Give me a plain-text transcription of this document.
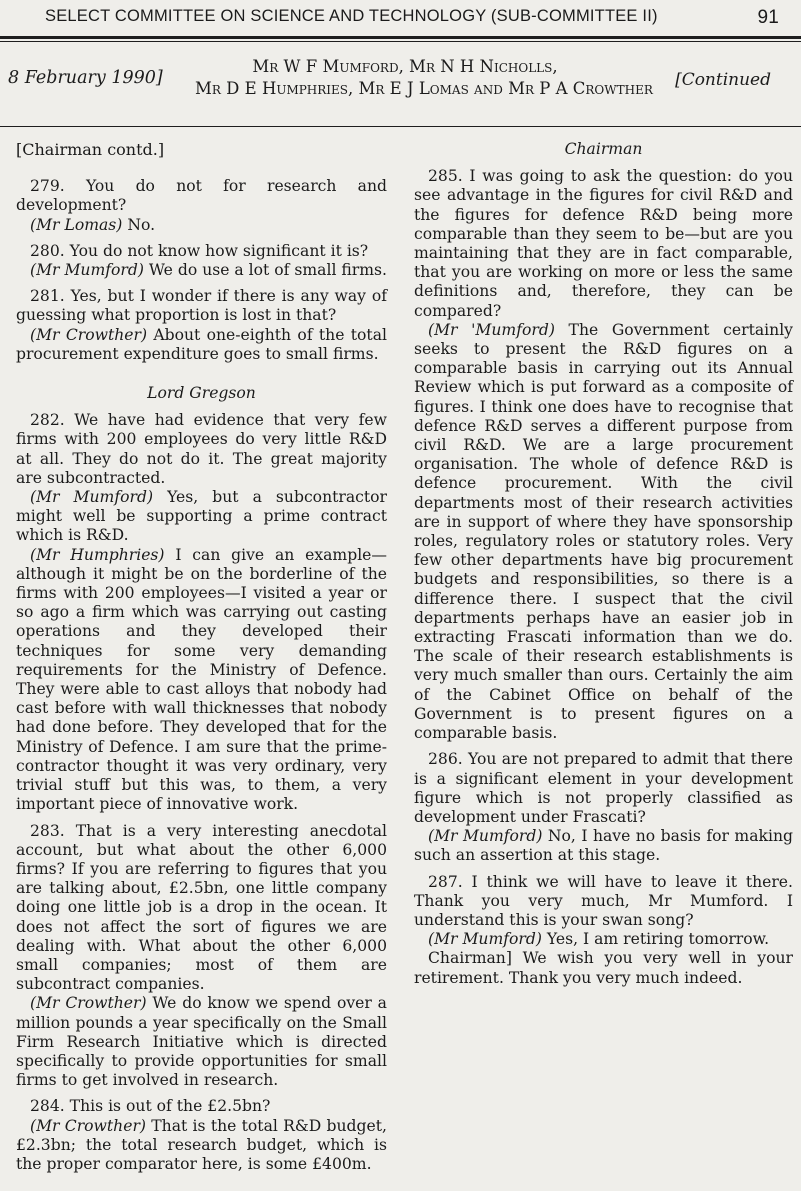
SELECT COMMITTEE ON SCIENCE AND TECHNOLOGY (SUB-COMMITTEE II)	91
8 February 1990]
Mr W F Mumford, Mr N H Nicholls,
Mr D E Humphries, Mr E J Lomas and Mr P A Crowther [Continued
[Chairman contd.]

279. You do not for research and development?

(Mr Lomas) No.

280. You do not know how significant it is?

(Mr Mumford) We do use a lot of small firms.

281. Yes, but I wonder if there is any way of guessing what proportion is lost in that?

(Mr Crowther) About one-eighth of the total procurement expenditure goes to small firms.

Lord Gregson

282. We have had evidence that very few firms with 200 employees do very little R&D at all. They do not do it. The great majority are subcontracted.

(Mr Mumford) Yes, but a subcontractor might well be supporting a prime contract which is R&D.

(Mr Humphries) I can give an example—although it might be on the borderline of the firms with 200 employees—I visited a year or so ago a firm which was carrying out casting operations and they developed their techniques for some very demanding requirements for the Ministry of Defence. They were able to cast alloys that nobody had cast before with wall thicknesses that nobody had done before. They developed that for the Ministry of Defence. I am sure that the prime-contractor thought it was very ordinary, very trivial stuff but this was, to them, a very important piece of innovative work.

283. That is a very interesting anecdotal account, but what about the other 6,000 firms? If you are referring to figures that you are talking about, £2.5bn, one little company doing one little job is a drop in the ocean. It does not affect the sort of figures we are dealing with. What about the other 6,000 small companies; most of them are subcontract companies.

(Mr Crowther) We do know we spend over a million pounds a year specifically on the Small Firm Research Initiative which is directed specifically to provide opportunities for small firms to get involved in research.

284. This is out of the £2.5bn?

(Mr Crowther) That is the total R&D budget, £2.3bn; the total research budget, which is the proper comparator here, is some £400m.

Chairman

285. I was going to ask the question: do you see advantage in the figures for civil R&D and the figures for defence R&D being more comparable than they seem to be—but are you maintaining that they are in fact comparable, that you are working on more or less the same definitions and, therefore, they can be compared?

(Mr 'Mumford) The Government certainly seeks to present the R&D figures on a comparable basis in carrying out its Annual Review which is put forward as a composite of figures. I think one does have to recognise that defence R&D serves a different purpose from civil R&D. We are a large procurement organisation. The whole of defence R&D is defence procurement. With the civil departments most of their research activities are in support of where they have sponsorship roles, regulatory roles or statutory roles. Very few other departments have big procurement budgets and responsibilities, so there is a difference there. I suspect that the civil departments perhaps have an easier job in extracting Frascati information than we do. The scale of their research establishments is very much smaller than ours. Certainly the aim of the Cabinet Office on behalf of the Government is to present figures on a comparable basis.

286. You are not prepared to admit that there is a significant element in your development figure which is not properly classified as development under Frascati?

(Mr Mumford) No, I have no basis for making such an assertion at this stage.

287. I think we will have to leave it there. Thank you very much, Mr Mumford. I understand this is your swan song?

(Mr Mumford) Yes, I am retiring tomorrow.

Chairman] We wish you very well in your retirement. Thank you very much indeed.
